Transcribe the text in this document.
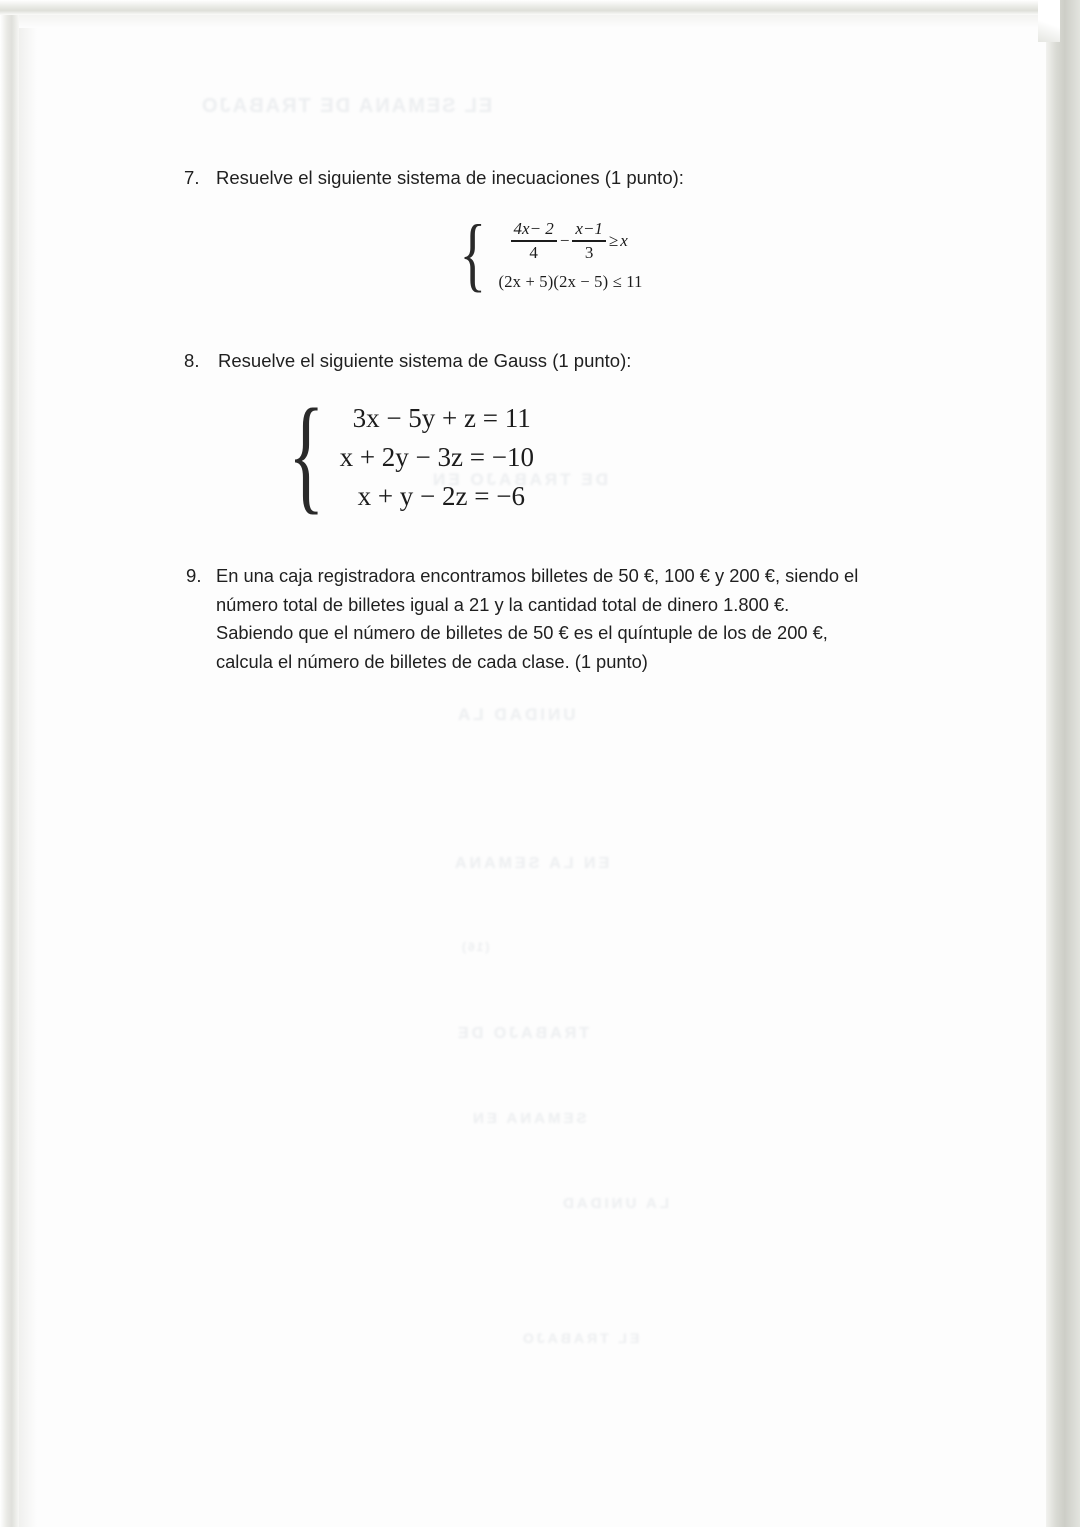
EL SEMANA DE TRABAJO
DE TRABAJO EN
UNIDAD LA
EN LA SEMANA
TRABAJO DE
SEMANA EN
LA UNIDAD
EL TRABAJO
(16)
7. Resuelve el siguiente sistema de inecuaciones (1 punto):
{ $\frac{4x- 2}{4} - \frac{x-1}{3} \ge x$
(2x + 5)(2x − 5) ≤ 11
8. Resuelve el siguiente sistema de Gauss (1 punto):
{	3x − 5y + z = 11
x + 2y − 3z = −10
x + y − 2z = −6
9. En una caja registradora encontramos billetes de 50 €, 100 € y 200 €, siendo el
número total de billetes igual a 21 y la cantidad total de dinero 1.800 €.
Sabiendo que el número de billetes de 50 € es el quíntuple de los de 200 €,
calcula el número de billetes de cada clase. (1 punto)
